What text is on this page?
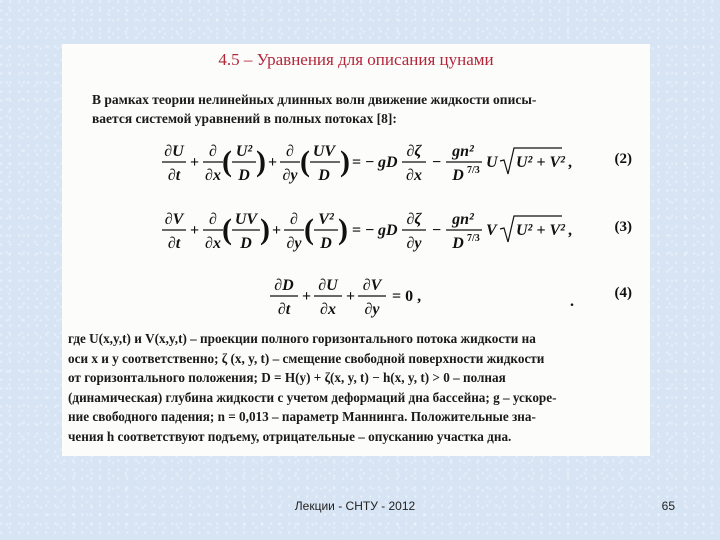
4.5 – Уравнения для описания цунами
В рамках теории нелинейных длинных волн движение жидкости описы-
вается системой уравнений в полных потоках [8]:
∂U
∂t
+
∂
∂x ( U²
D ) +
∂
∂y ( UV
D ) = − gD
∂ζ
∂x
−
gn²
D 7/3 U U² + V² ,	(2)
∂V
∂t
+
∂
∂x ( UV
D ) +
∂
∂y ( V²
D ) = − gD
∂ζ
∂y
−
gn²
D 7/3 V U² + V² ,	(3)
∂D
∂t
+
∂U
∂x
+
∂V
∂y
= 0 ,	.	(4)
где U(x,y,t) и V(x,y,t) – проекции полного горизонтального потока жидкости на
оси x и y соответственно; ζ (x, y, t) – смещение свободной поверхности жидкости
от горизонтального положения; D = H(y) + ζ(x, y, t) − h(x, y, t) > 0 – полная
(динамическая) глубина жидкости с учетом деформаций дна бассейна; g – ускоре-
ние свободного падения; n = 0,013 – параметр Маннинга. Положительные зна-
чения h соответствуют подъему, отрицательные – опусканию участка дна.
Лекции - СНТУ - 2012	65
